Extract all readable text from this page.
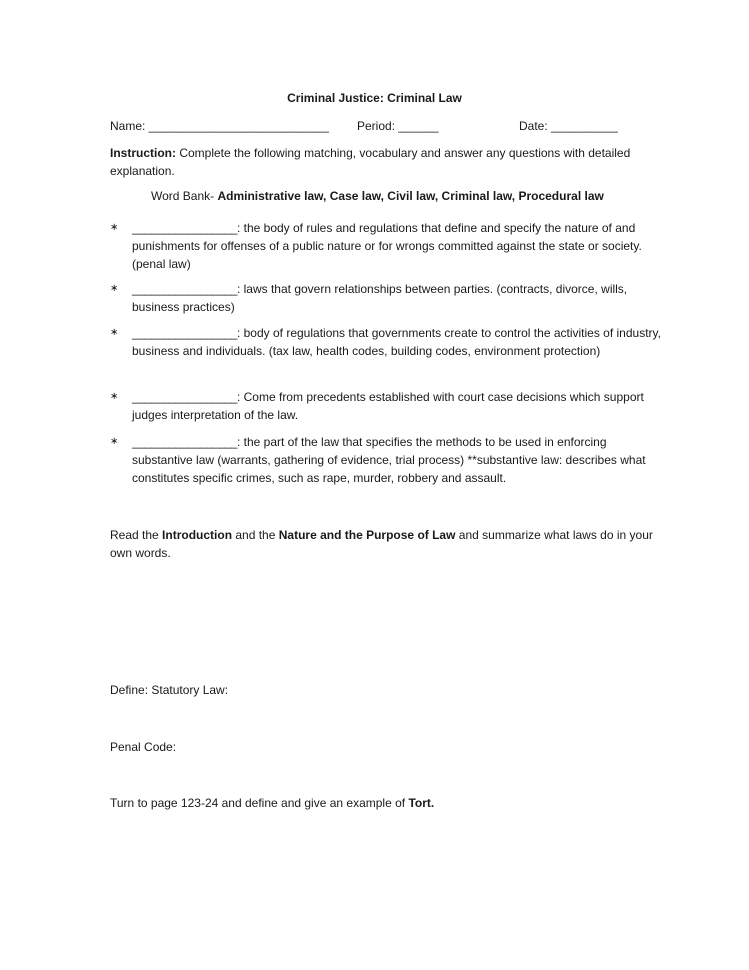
Criminal Justice: Criminal Law
Name: ___________________________ Period: ______	Date: __________
Instruction: Complete the following matching, vocabulary and answer any questions with detailed explanation.
Word Bank- Administrative law, Case law, Civil law, Criminal law, Procedural law
∗ _________________: the body of rules and regulations that define and specify the nature of and punishments for offenses of a public nature or for wrongs committed against the state or society. (penal law)
∗ _________________: laws that govern relationships between parties. (contracts, divorce, wills, business practices)
∗ _________________: body of regulations that governments create to control the activities of industry, business and individuals. (tax law, health codes, building codes, environment protection)
∗ _________________: Come from precedents established with court case decisions which support judges interpretation of the law.
∗ _________________: the part of the law that specifies the methods to be used in enforcing substantive law (warrants, gathering of evidence, trial process) **substantive law: describes what constitutes specific crimes, such as rape, murder, robbery and assault.
Read the Introduction and the Nature and the Purpose of Law and summarize what laws do in your own words.
Define: Statutory Law:
Penal Code:
Turn to page 123-24 and define and give an example of Tort.
